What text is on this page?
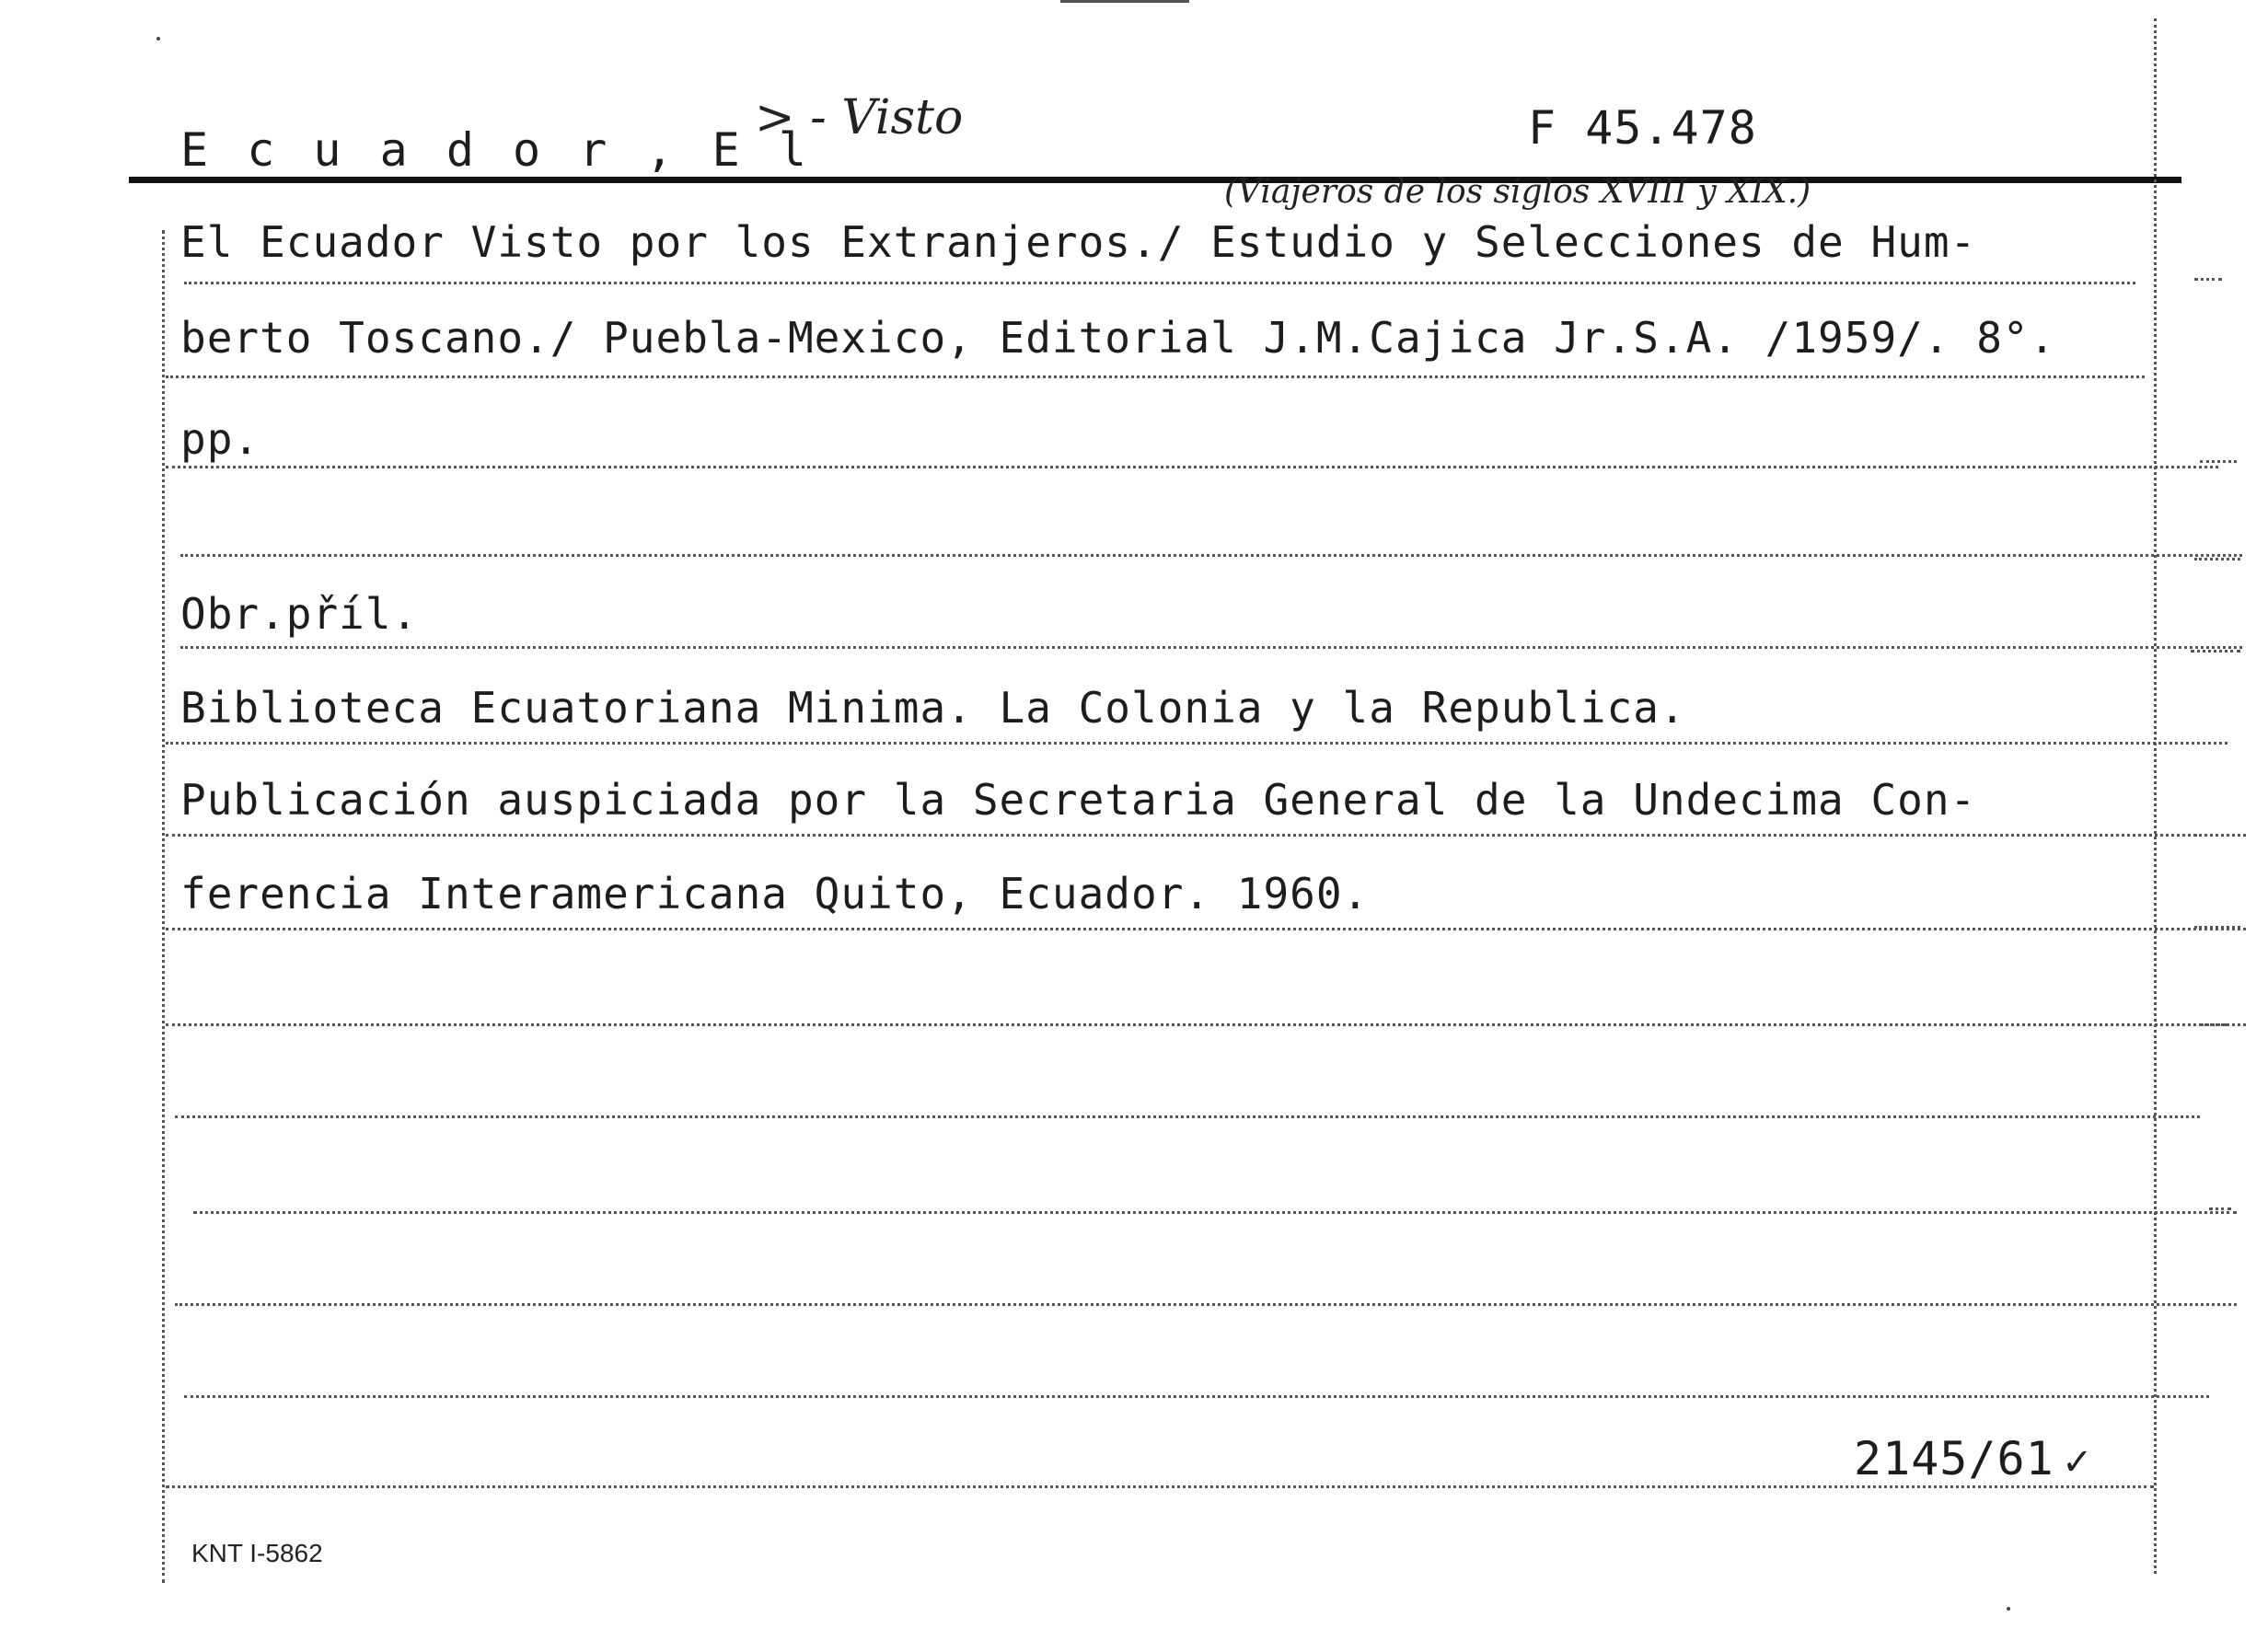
E c u a d o r , E l
> - Visto	F 45.478
(Viajeros de los siglos XVIII y XIX.)
El Ecuador Visto por los Extranjeros./ Estudio y Selecciones de Hum-
berto Toscano./ Puebla-Mexico, Editorial J.M.Cajica Jr.S.A. /1959/. 8°.
pp.
Obr.příl.
Biblioteca Ecuatoriana Minima. La Colonia y la Republica.
Publicación auspiciada por la Secretaria General de la Undecima Con-
ferencia Interamericana Quito, Ecuador. 1960.
2145/61 ✓
KNT I-5862
